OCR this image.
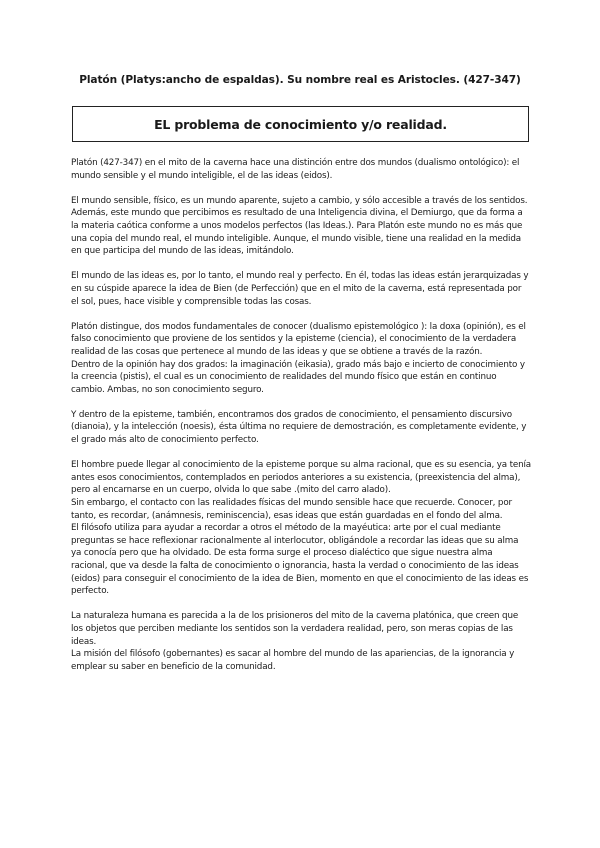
Platón (Platys:ancho de espaldas). Su nombre real es Aristocles. (427-347)
EL problema de conocimiento y/o realidad.

Platón (427-347) en el mito de la caverna hace una distinción entre dos mundos (dualismo ontológico): el mundo sensible y el mundo inteligible, el de las ideas (eidos).

El mundo sensible, físico, es un mundo aparente, sujeto a cambio, y sólo accesible a través de los sentidos. Además, este mundo que percibimos es resultado de una Inteligencia divina, el Demiurgo, que da forma a la materia caótica conforme a unos modelos perfectos (las Ideas.). Para Platón este mundo no es más que una copia del mundo real, el mundo inteligible. Aunque, el mundo visible, tiene una realidad en la medida en que participa del mundo de las ideas, imitándolo.

El mundo de las ideas es, por lo tanto, el mundo real y perfecto. En él, todas las ideas están jerarquizadas y en su cúspide aparece la idea de Bien (de Perfección) que en el mito de la caverna, está representada por el sol, pues, hace visible y comprensible todas las cosas.

Platón distingue, dos modos fundamentales de conocer (dualismo epistemológico ): la doxa (opinión), es el falso conocimiento que proviene de los sentidos y la episteme (ciencia), el conocimiento de la verdadera realidad de las cosas que pertenece al mundo de las ideas y que se obtiene a través de la razón.

Dentro de la opinión hay dos grados: la imaginación (eikasia), grado más bajo e incierto de conocimiento y la creencia (pistis), el cual es un conocimiento de realidades del mundo físico que están en continuo cambio. Ambas, no son conocimiento seguro.

Y dentro de la episteme, también, encontramos dos grados de conocimiento, el pensamiento discursivo (dianoia), y la intelección (noesis), ésta última no requiere de demostración, es completamente evidente, y el grado más alto de conocimiento perfecto.

El hombre puede llegar al conocimiento de la episteme porque su alma racional, que es su esencia, ya tenía antes esos conocimientos, contemplados en periodos anteriores a su existencia, (preexistencia del alma), pero al encarnarse en un cuerpo, olvida lo que sabe .(mito del carro alado).

Sin embargo, el contacto con las realidades físicas del mundo sensible hace que recuerde. Conocer, por tanto, es recordar, (anámnesis, reminiscencia), esas ideas que están guardadas en el fondo del alma.

El filósofo utiliza para ayudar a recordar a otros el método de la mayéutica: arte por el cual mediante preguntas se hace reflexionar racionalmente al interlocutor, obligándole a recordar las ideas que su alma ya conocía pero que ha olvidado. De esta forma surge el proceso dialéctico que sigue nuestra alma racional, que va desde la falta de conocimiento o ignorancia, hasta la verdad o conocimiento de las ideas (eidos) para conseguir el conocimiento de la idea de Bien, momento en que el conocimiento de las ideas es perfecto.

La naturaleza humana es parecida a la de los prisioneros del mito de la caverna platónica, que creen que los objetos que perciben mediante los sentidos son la verdadera realidad, pero, son meras copias de las ideas.

La misión del filósofo (gobernantes) es sacar al hombre del mundo de las apariencias, de la ignorancia y emplear su saber en beneficio de la comunidad.
